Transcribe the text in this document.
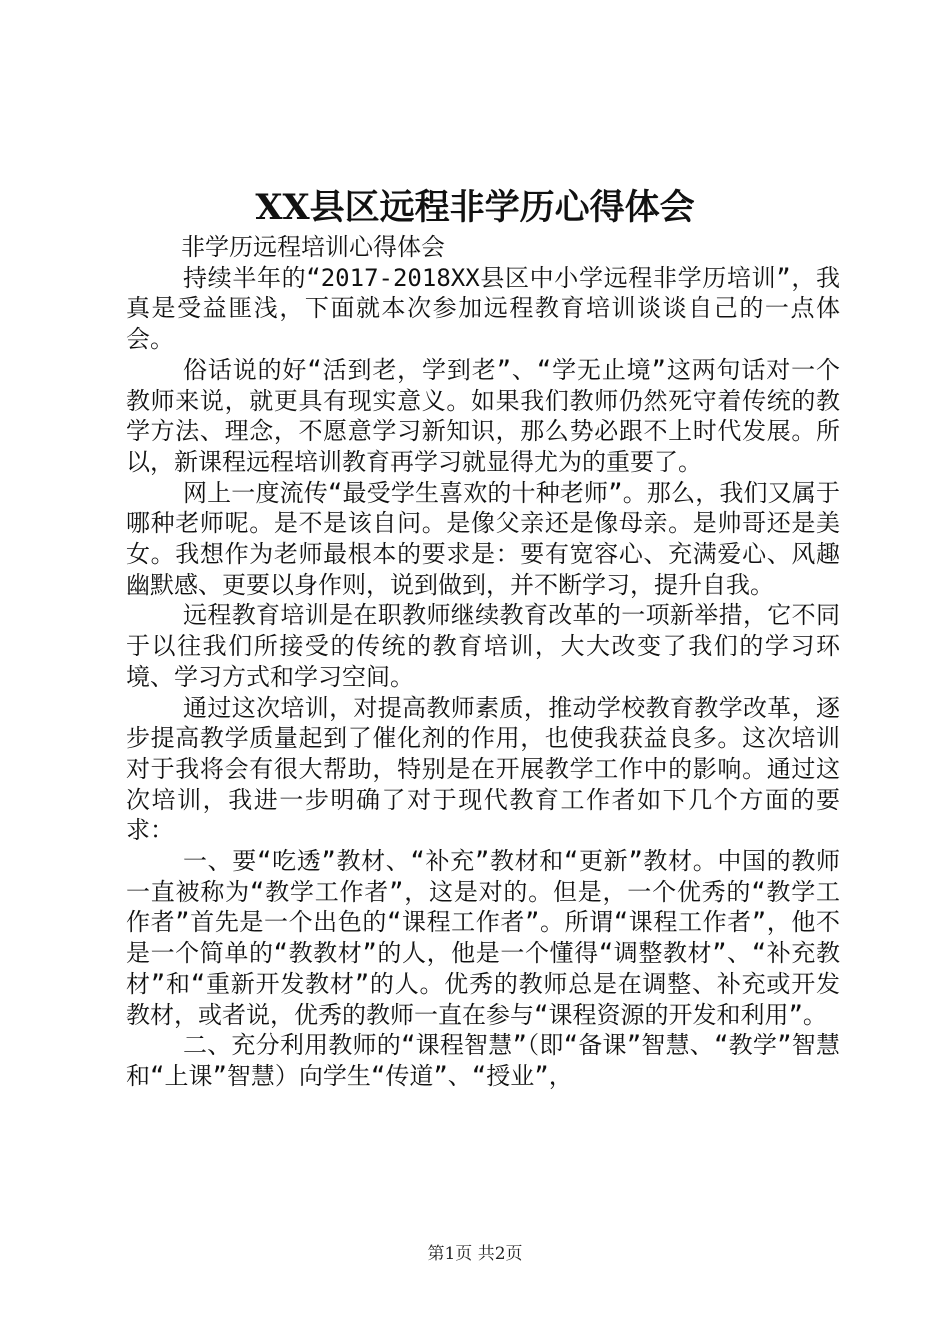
XX县区远程非学历心得体会

非学历远程培训心得体会

持续半年的“2017-2018XX县区中小学远程非学历培训”，我真是受益匪浅，下面就本次参加远程教育培训谈谈自己的一点体会。

俗话说的好“活到老，学到老”、“学无止境”这两句话对一个教师来说，就更具有现实意义。如果我们教师仍然死守着传统的教学方法、理念，不愿意学习新知识，那么势必跟不上时代发展。所以，新课程远程培训教育再学习就显得尤为的重要了。

网上一度流传“最受学生喜欢的十种老师”。那么，我们又属于哪种老师呢。是不是该自问。是像父亲还是像母亲。是帅哥还是美女。我想作为老师最根本的要求是：要有宽容心、充满爱心、风趣幽默感、更要以身作则，说到做到，并不断学习，提升自我。

远程教育培训是在职教师继续教育改革的一项新举措，它不同于以往我们所接受的传统的教育培训，大大改变了我们的学习环境、学习方式和学习空间。

通过这次培训，对提高教师素质，推动学校教育教学改革，逐步提高教学质量起到了催化剂的作用，也使我获益良多。这次培训对于我将会有很大帮助，特别是在开展教学工作中的影响。通过这次培训，我进一步明确了对于现代教育工作者如下几个方面的要求：

一、要“吃透”教材、“补充”教材和“更新”教材。中国的教师一直被称为“教学工作者”，这是对的。但是，一个优秀的“教学工作者”首先是一个出色的“课程工作者”。所谓“课程工作者”，他不是一个简单的“教教材”的人，他是一个懂得“调整教材”、“补充教材”和“重新开发教材”的人。优秀的教师总是在调整、补充或开发教材，或者说，优秀的教师一直在参与“课程资源的开发和利用”。

二、充分利用教师的“课程智慧”（即“备课”智慧、“教学”智慧和“上课”智慧）向学生“传道”、“授业”，

第1页 共2页
